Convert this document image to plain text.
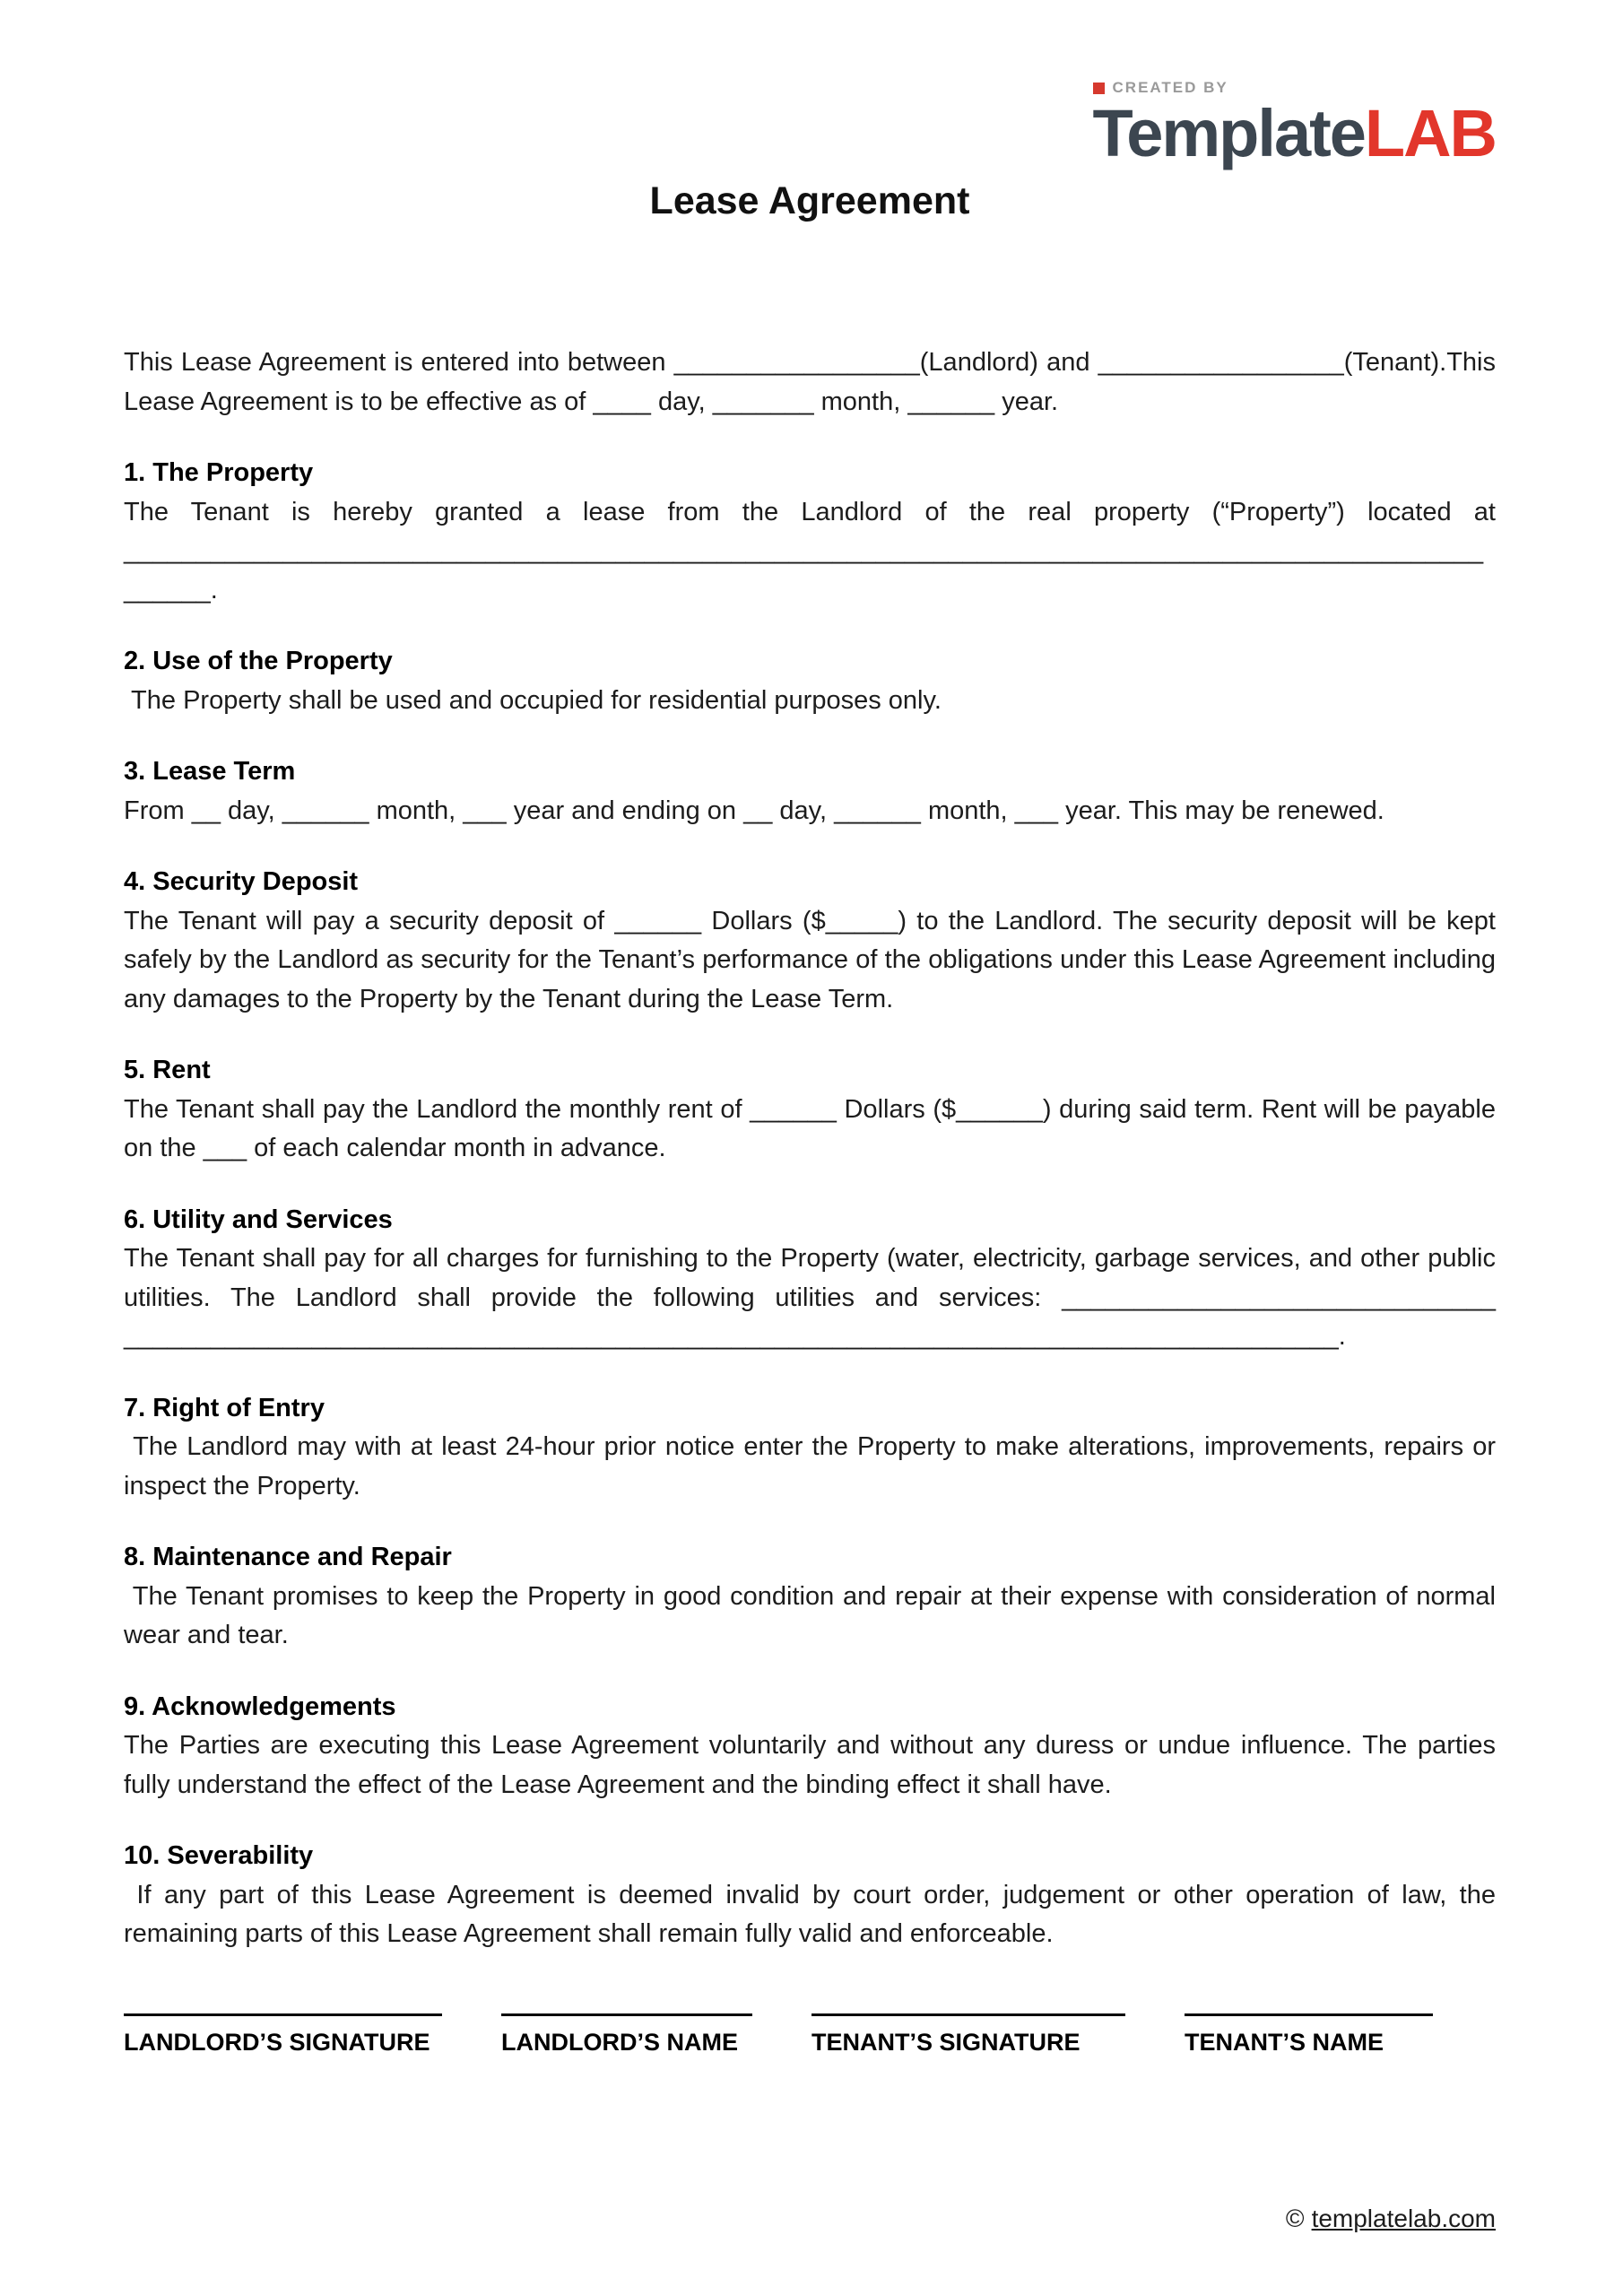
CREATED BY
TemplateLAB
Lease Agreement

This Lease Agreement is entered into between _________________(Landlord) and _________________(Tenant).This Lease Agreement is to be effective as of ____ day, _______ month, ______ year.

1. The Property

The Tenant is hereby granted a lease from the Landlord of the real property (“Property”) located at ____________________________________________________________________________________________________.

2. Use of the Property

The Property shall be used and occupied for residential purposes only.

3. Lease Term

From __ day, ______ month, ___ year and ending on __ day, ______ month, ___ year. This may be renewed.

4. Security Deposit

The Tenant will pay a security deposit of ______ Dollars ($_____) to the Landlord. The security deposit will be kept safely by the Landlord as security for the Tenant’s performance of the obligations under this Lease Agreement including any damages to the Property by the Tenant during the Lease Term.

5. Rent

The Tenant shall pay the Landlord the monthly rent of ______ Dollars ($______) during said term. Rent will be payable on the ___ of each calendar month in advance.

6. Utility and Services

The Tenant shall pay for all charges for furnishing to the Property (water, electricity, garbage services, and other public utilities. The Landlord shall provide the following utilities and services: ______________________________ ____________________________________________________________________________________.

7. Right of Entry

The Landlord may with at least 24-hour prior notice enter the Property to make alterations, improvements, repairs or inspect the Property.

8. Maintenance and Repair

The Tenant promises to keep the Property in good condition and repair at their expense with consideration of normal wear and tear.

9. Acknowledgements

The Parties are executing this Lease Agreement voluntarily and without any duress or undue influence. The parties fully understand the effect of the Lease Agreement and the binding effect it shall have.

10. Severability

If any part of this Lease Agreement is deemed invalid by court order, judgement or other operation of law, the remaining parts of this Lease Agreement shall remain fully valid and enforceable.

LANDLORD’S SIGNATURE	LANDLORD’S NAME	TENANT’S SIGNATURE	TENANT’S NAME
© templatelab.com
